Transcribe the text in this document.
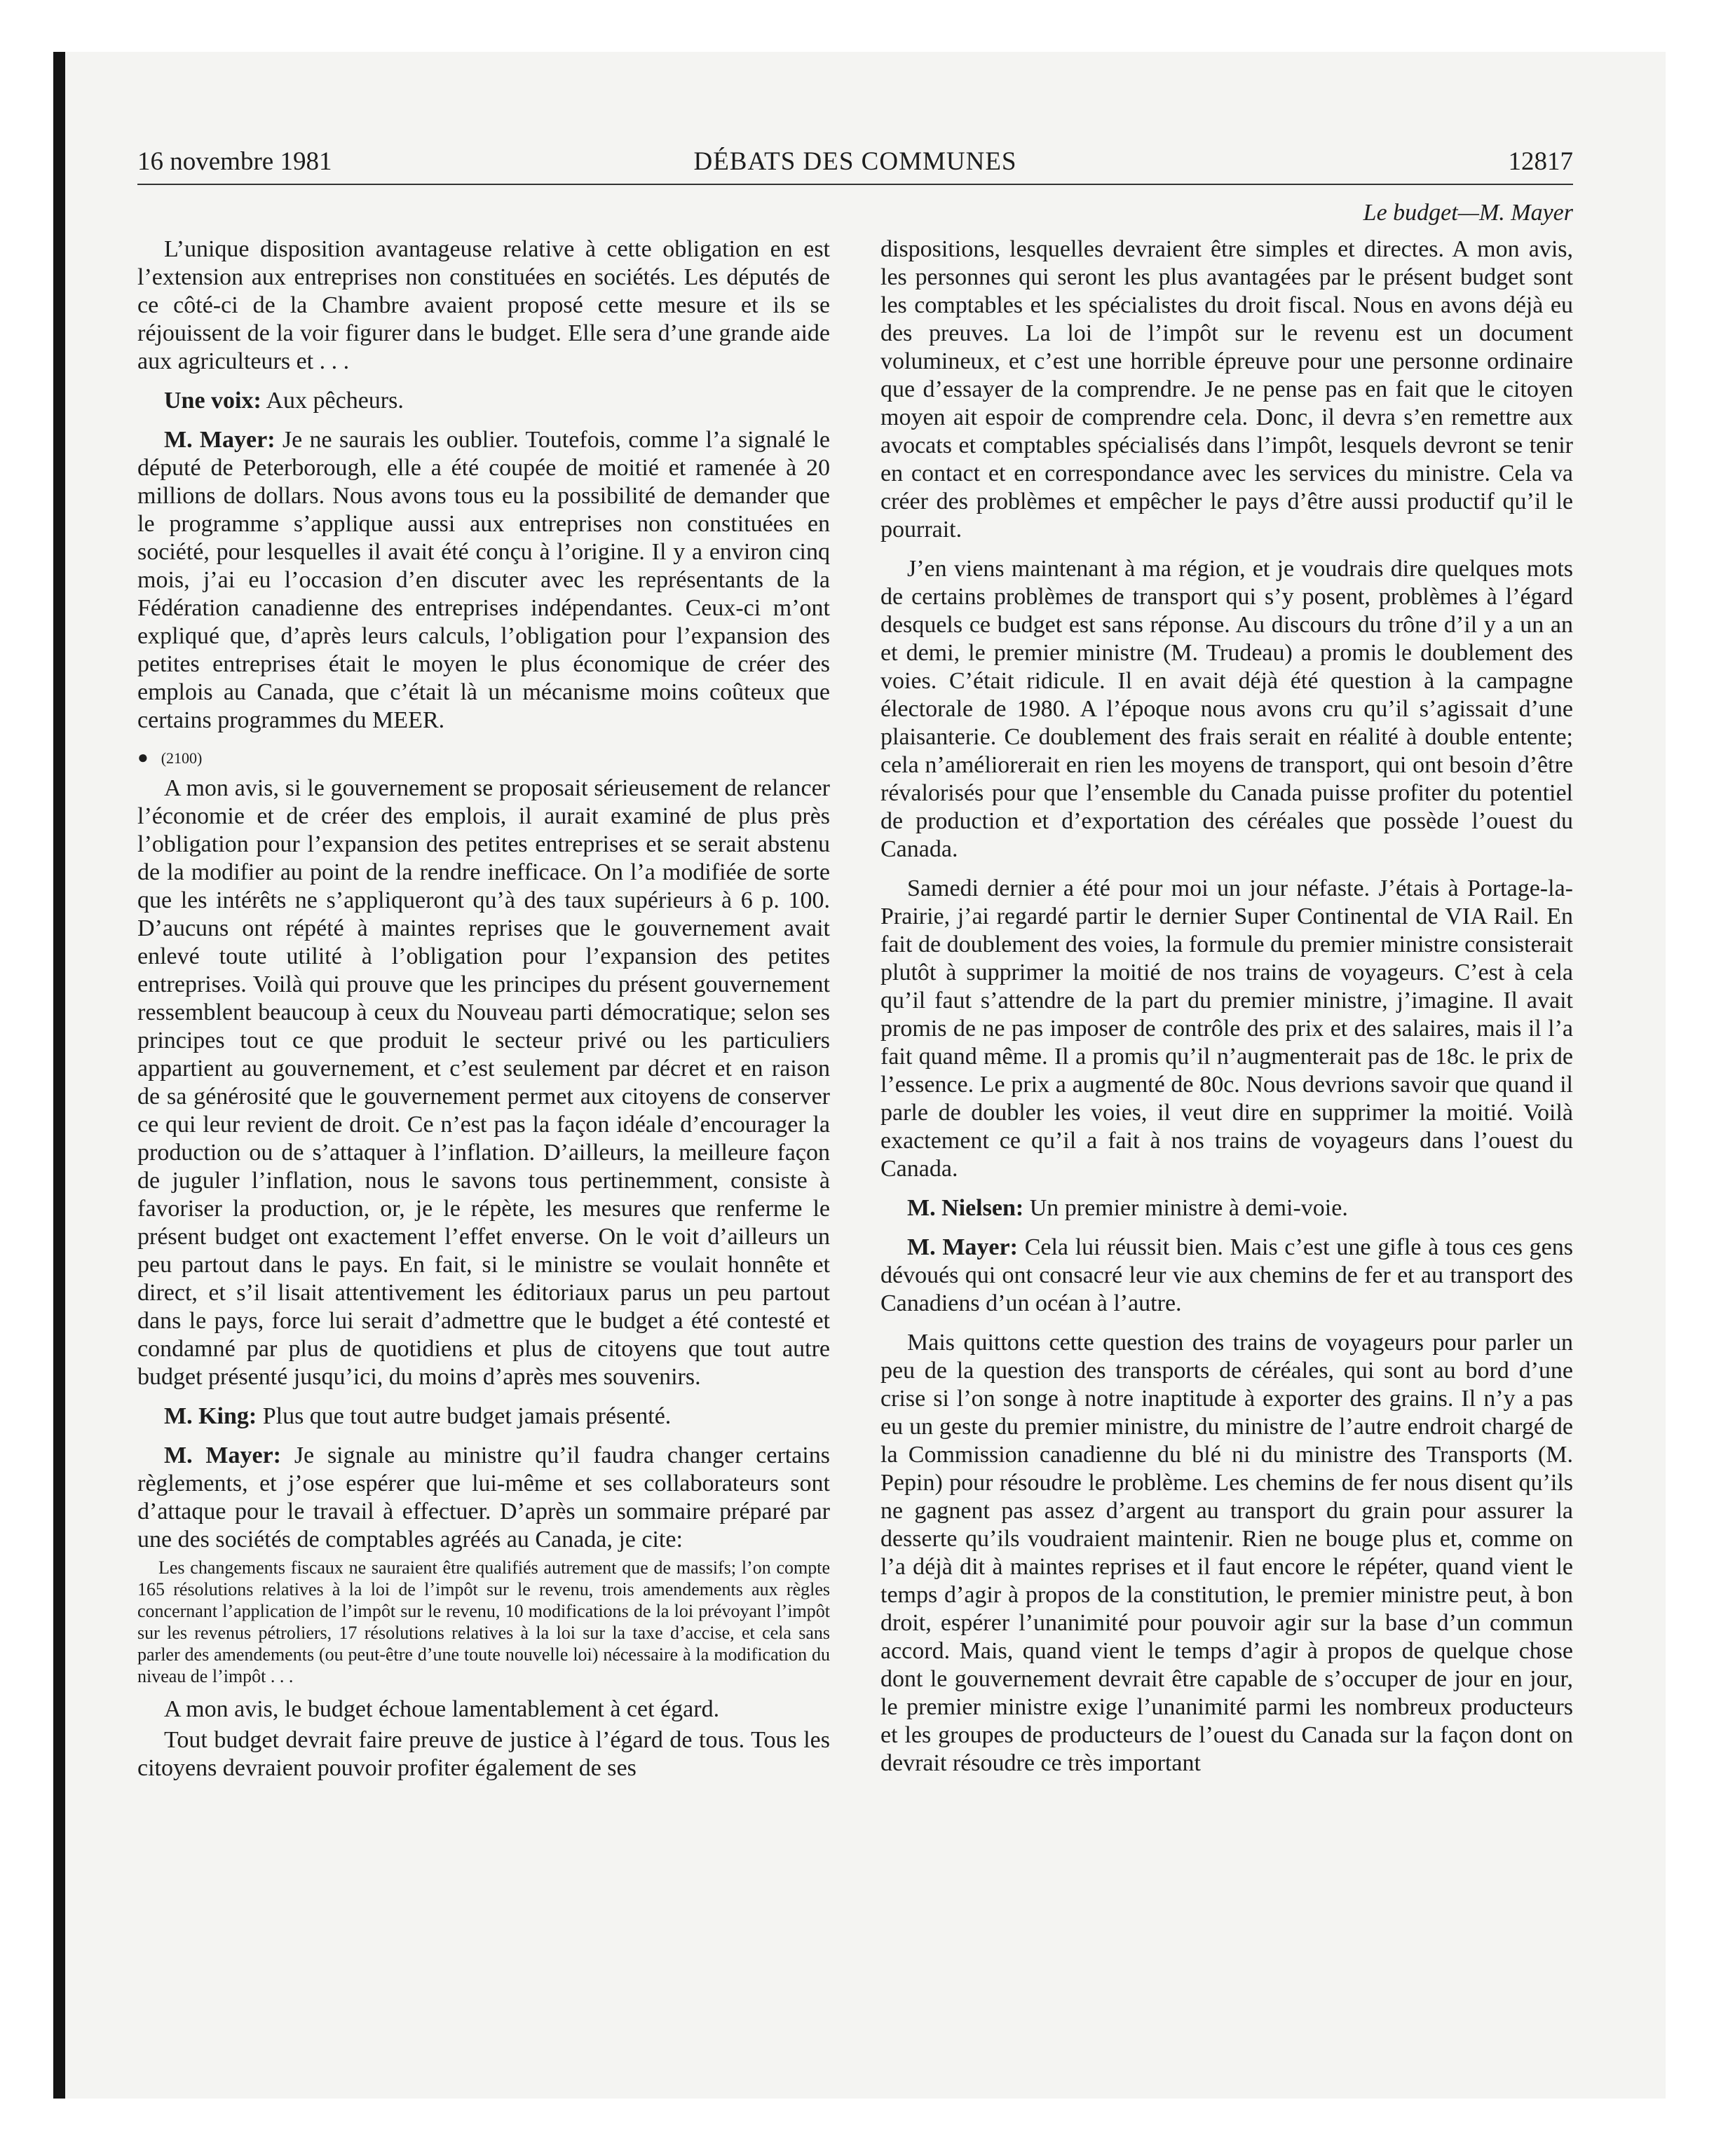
16 novembre 1981	DÉBATS DES COMMUNES	12817

L’unique disposition avantageuse relative à cette obligation en est l’extension aux entreprises non constituées en sociétés. Les députés de ce côté-ci de la Chambre avaient proposé cette mesure et ils se réjouissent de la voir figurer dans le budget. Elle sera d’une grande aide aux agriculteurs et . . .

Une voix: Aux pêcheurs.

M. Mayer: Je ne saurais les oublier. Toutefois, comme l’a signalé le député de Peterborough, elle a été coupée de moitié et ramenée à 20 millions de dollars. Nous avons tous eu la possibilité de demander que le programme s’applique aussi aux entreprises non constituées en société, pour lesquelles il avait été conçu à l’origine. Il y a environ cinq mois, j’ai eu l’occasion d’en discuter avec les représentants de la Fédération canadienne des entreprises indépendantes. Ceux-ci m’ont expliqué que, d’après leurs calculs, l’obligation pour l’expansion des petites entreprises était le moyen le plus économique de créer des emplois au Canada, que c’était là un mécanisme moins coûteux que certains programmes du MEER.

● (2100)

A mon avis, si le gouvernement se proposait sérieusement de relancer l’économie et de créer des emplois, il aurait examiné de plus près l’obligation pour l’expansion des petites entreprises et se serait abstenu de la modifier au point de la rendre inefficace. On l’a modifiée de sorte que les intérêts ne s’appliqueront qu’à des taux supérieurs à 6 p. 100. D’aucuns ont répété à maintes reprises que le gouvernement avait enlevé toute utilité à l’obligation pour l’expansion des petites entreprises. Voilà qui prouve que les principes du présent gouvernement ressemblent beaucoup à ceux du Nouveau parti démocratique; selon ses principes tout ce que produit le secteur privé ou les particuliers appartient au gouvernement, et c’est seulement par décret et en raison de sa générosité que le gouvernement permet aux citoyens de conserver ce qui leur revient de droit. Ce n’est pas la façon idéale d’encourager la production ou de s’attaquer à l’inflation. D’ailleurs, la meilleure façon de juguler l’inflation, nous le savons tous pertinemment, consiste à favoriser la production, or, je le répète, les mesures que renferme le présent budget ont exactement l’effet enverse. On le voit d’ailleurs un peu partout dans le pays. En fait, si le ministre se voulait honnête et direct, et s’il lisait attentivement les éditoriaux parus un peu partout dans le pays, force lui serait d’admettre que le budget a été contesté et condamné par plus de quotidiens et plus de citoyens que tout autre budget présenté jusqu’ici, du moins d’après mes souvenirs.

M. King: Plus que tout autre budget jamais présenté.

M. Mayer: Je signale au ministre qu’il faudra changer certains règlements, et j’ose espérer que lui-même et ses collaborateurs sont d’attaque pour le travail à effectuer. D’après un sommaire préparé par une des sociétés de comptables agréés au Canada, je cite:

Les changements fiscaux ne sauraient être qualifiés autrement que de massifs; l’on compte 165 résolutions relatives à la loi de l’impôt sur le revenu, trois amendements aux règles concernant l’application de l’impôt sur le revenu, 10 modifications de la loi prévoyant l’impôt sur les revenus pétroliers, 17 résolutions relatives à la loi sur la taxe d’accise, et cela sans parler des amendements (ou peut-être d’une toute nouvelle loi) nécessaire à la modification du niveau de l’impôt . . .

A mon avis, le budget échoue lamentablement à cet égard.

Tout budget devrait faire preuve de justice à l’égard de tous. Tous les citoyens devraient pouvoir profiter également de ses

Le budget—M. Mayer

dispositions, lesquelles devraient être simples et directes. A mon avis, les personnes qui seront les plus avantagées par le présent budget sont les comptables et les spécialistes du droit fiscal. Nous en avons déjà eu des preuves. La loi de l’impôt sur le revenu est un document volumineux, et c’est une horrible épreuve pour une personne ordinaire que d’essayer de la comprendre. Je ne pense pas en fait que le citoyen moyen ait espoir de comprendre cela. Donc, il devra s’en remettre aux avocats et comptables spécialisés dans l’impôt, lesquels devront se tenir en contact et en correspondance avec les services du ministre. Cela va créer des problèmes et empêcher le pays d’être aussi productif qu’il le pourrait.

J’en viens maintenant à ma région, et je voudrais dire quelques mots de certains problèmes de transport qui s’y posent, problèmes à l’égard desquels ce budget est sans réponse. Au discours du trône d’il y a un an et demi, le premier ministre (M. Trudeau) a promis le doublement des voies. C’était ridicule. Il en avait déjà été question à la campagne électorale de 1980. A l’époque nous avons cru qu’il s’agissait d’une plaisanterie. Ce doublement des frais serait en réalité à double entente; cela n’améliorerait en rien les moyens de transport, qui ont besoin d’être révalorisés pour que l’ensemble du Canada puisse profiter du potentiel de production et d’exportation des céréales que possède l’ouest du Canada.

Samedi dernier a été pour moi un jour néfaste. J’étais à Portage-la-Prairie, j’ai regardé partir le dernier Super Continental de VIA Rail. En fait de doublement des voies, la formule du premier ministre consisterait plutôt à supprimer la moitié de nos trains de voyageurs. C’est à cela qu’il faut s’attendre de la part du premier ministre, j’imagine. Il avait promis de ne pas imposer de contrôle des prix et des salaires, mais il l’a fait quand même. Il a promis qu’il n’augmenterait pas de 18c. le prix de l’essence. Le prix a augmenté de 80c. Nous devrions savoir que quand il parle de doubler les voies, il veut dire en supprimer la moitié. Voilà exactement ce qu’il a fait à nos trains de voyageurs dans l’ouest du Canada.

M. Nielsen: Un premier ministre à demi-voie.

M. Mayer: Cela lui réussit bien. Mais c’est une gifle à tous ces gens dévoués qui ont consacré leur vie aux chemins de fer et au transport des Canadiens d’un océan à l’autre.

Mais quittons cette question des trains de voyageurs pour parler un peu de la question des transports de céréales, qui sont au bord d’une crise si l’on songe à notre inaptitude à exporter des grains. Il n’y a pas eu un geste du premier ministre, du ministre de l’autre endroit chargé de la Commission canadienne du blé ni du ministre des Transports (M. Pepin) pour résoudre le problème. Les chemins de fer nous disent qu’ils ne gagnent pas assez d’argent au transport du grain pour assurer la desserte qu’ils voudraient maintenir. Rien ne bouge plus et, comme on l’a déjà dit à maintes reprises et il faut encore le répéter, quand vient le temps d’agir à propos de la constitution, le premier ministre peut, à bon droit, espérer l’unanimité pour pouvoir agir sur la base d’un commun accord. Mais, quand vient le temps d’agir à propos de quelque chose dont le gouvernement devrait être capable de s’occuper de jour en jour, le premier ministre exige l’unanimité parmi les nombreux producteurs et les groupes de producteurs de l’ouest du Canada sur la façon dont on devrait résoudre ce très important
